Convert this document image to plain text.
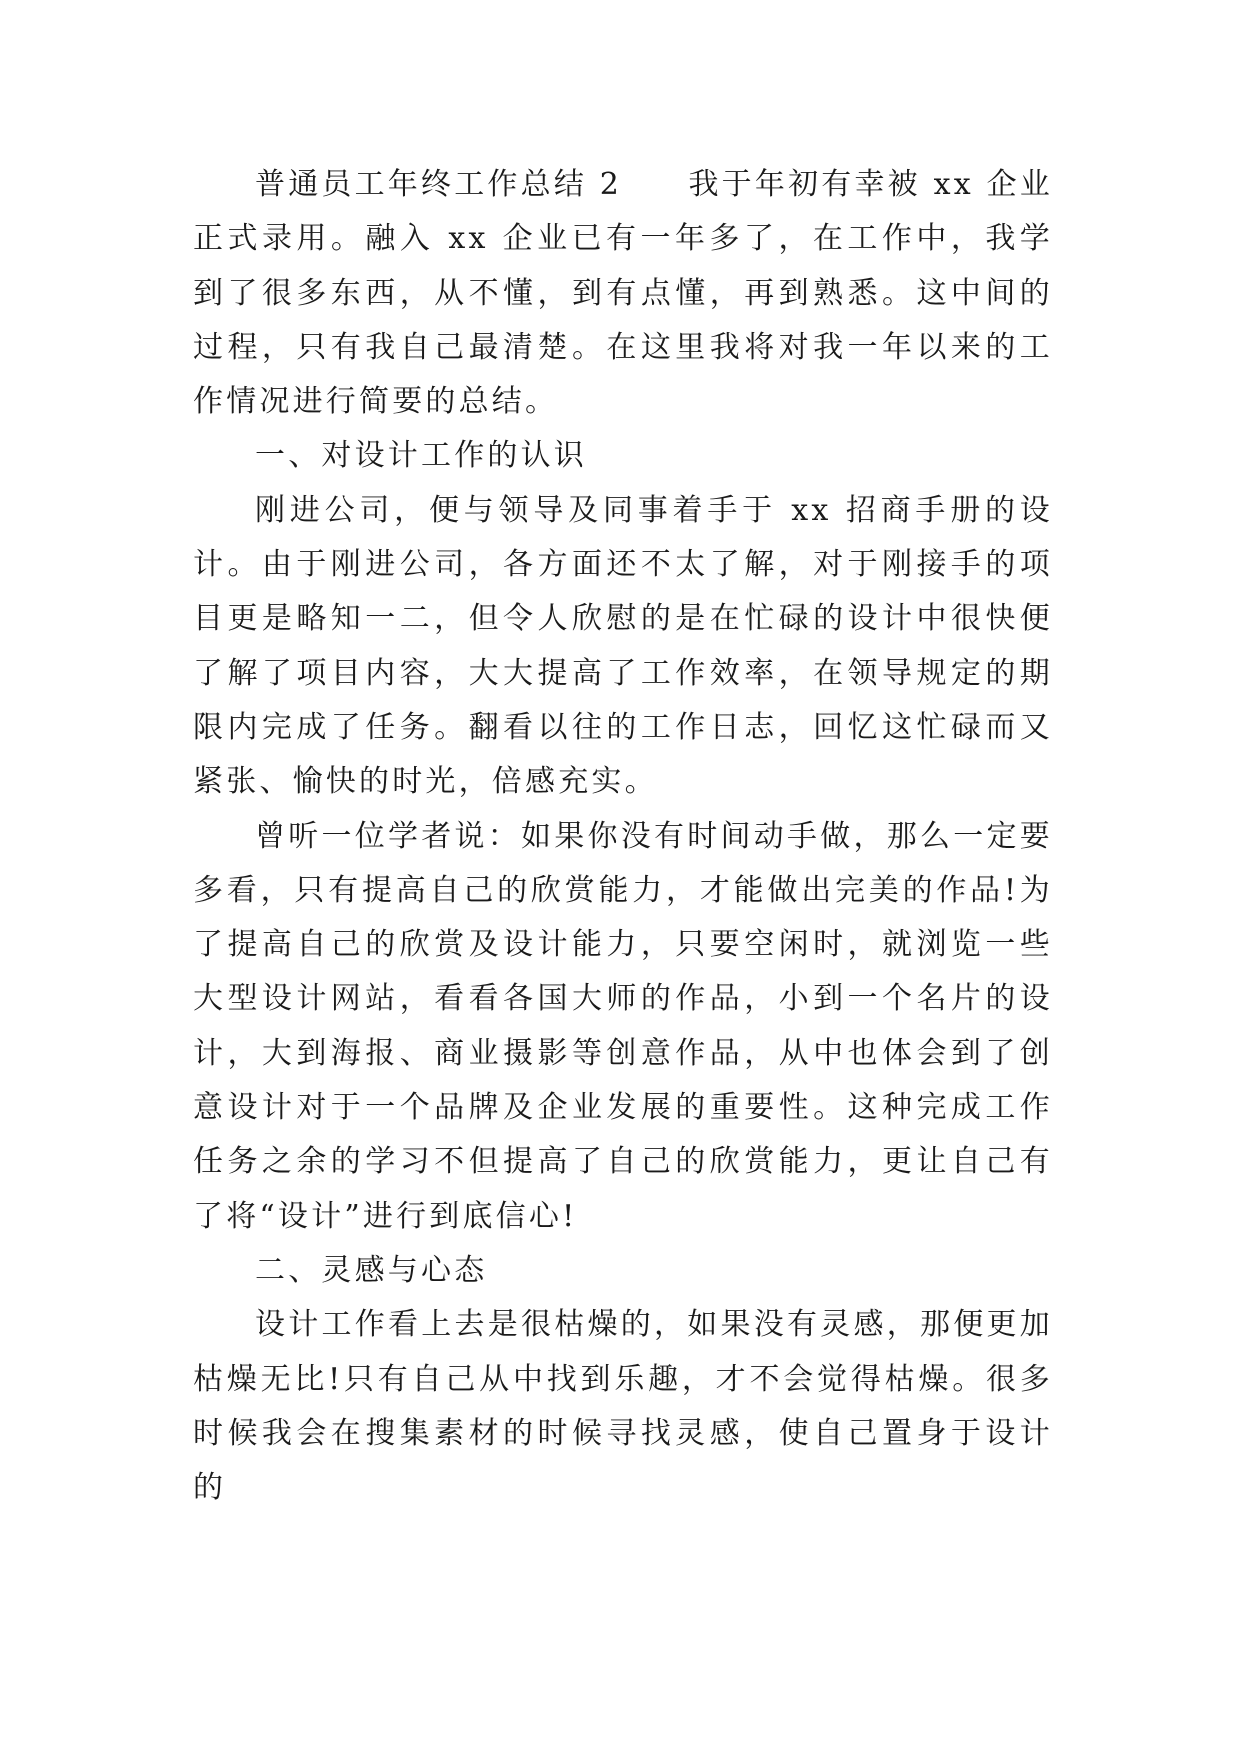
普通员工年终工作总结 2　　我于年初有幸被 xx 企业正式录用。融入 xx 企业已有一年多了，在工作中，我学到了很多东西，从不懂，到有点懂，再到熟悉。这中间的过程，只有我自己最清楚。在这里我将对我一年以来的工作情况进行简要的总结。

一、对设计工作的认识

刚进公司，便与领导及同事着手于 xx 招商手册的设计。由于刚进公司，各方面还不太了解，对于刚接手的项目更是略知一二，但令人欣慰的是在忙碌的设计中很快便了解了项目内容，大大提高了工作效率，在领导规定的期限内完成了任务。翻看以往的工作日志，回忆这忙碌而又紧张、愉快的时光，倍感充实。

曾听一位学者说：如果你没有时间动手做，那么一定要多看，只有提高自己的欣赏能力，才能做出完美的作品!为了提高自己的欣赏及设计能力，只要空闲时，就浏览一些大型设计网站，看看各国大师的作品，小到一个名片的设计，大到海报、商业摄影等创意作品，从中也体会到了创意设计对于一个品牌及企业发展的重要性。这种完成工作任务之余的学习不但提高了自己的欣赏能力，更让自己有了将“设计”进行到底信心!

二、灵感与心态

设计工作看上去是很枯燥的，如果没有灵感，那便更加枯燥无比!只有自己从中找到乐趣，才不会觉得枯燥。很多时候我会在搜集素材的时候寻找灵感，使自己置身于设计的
